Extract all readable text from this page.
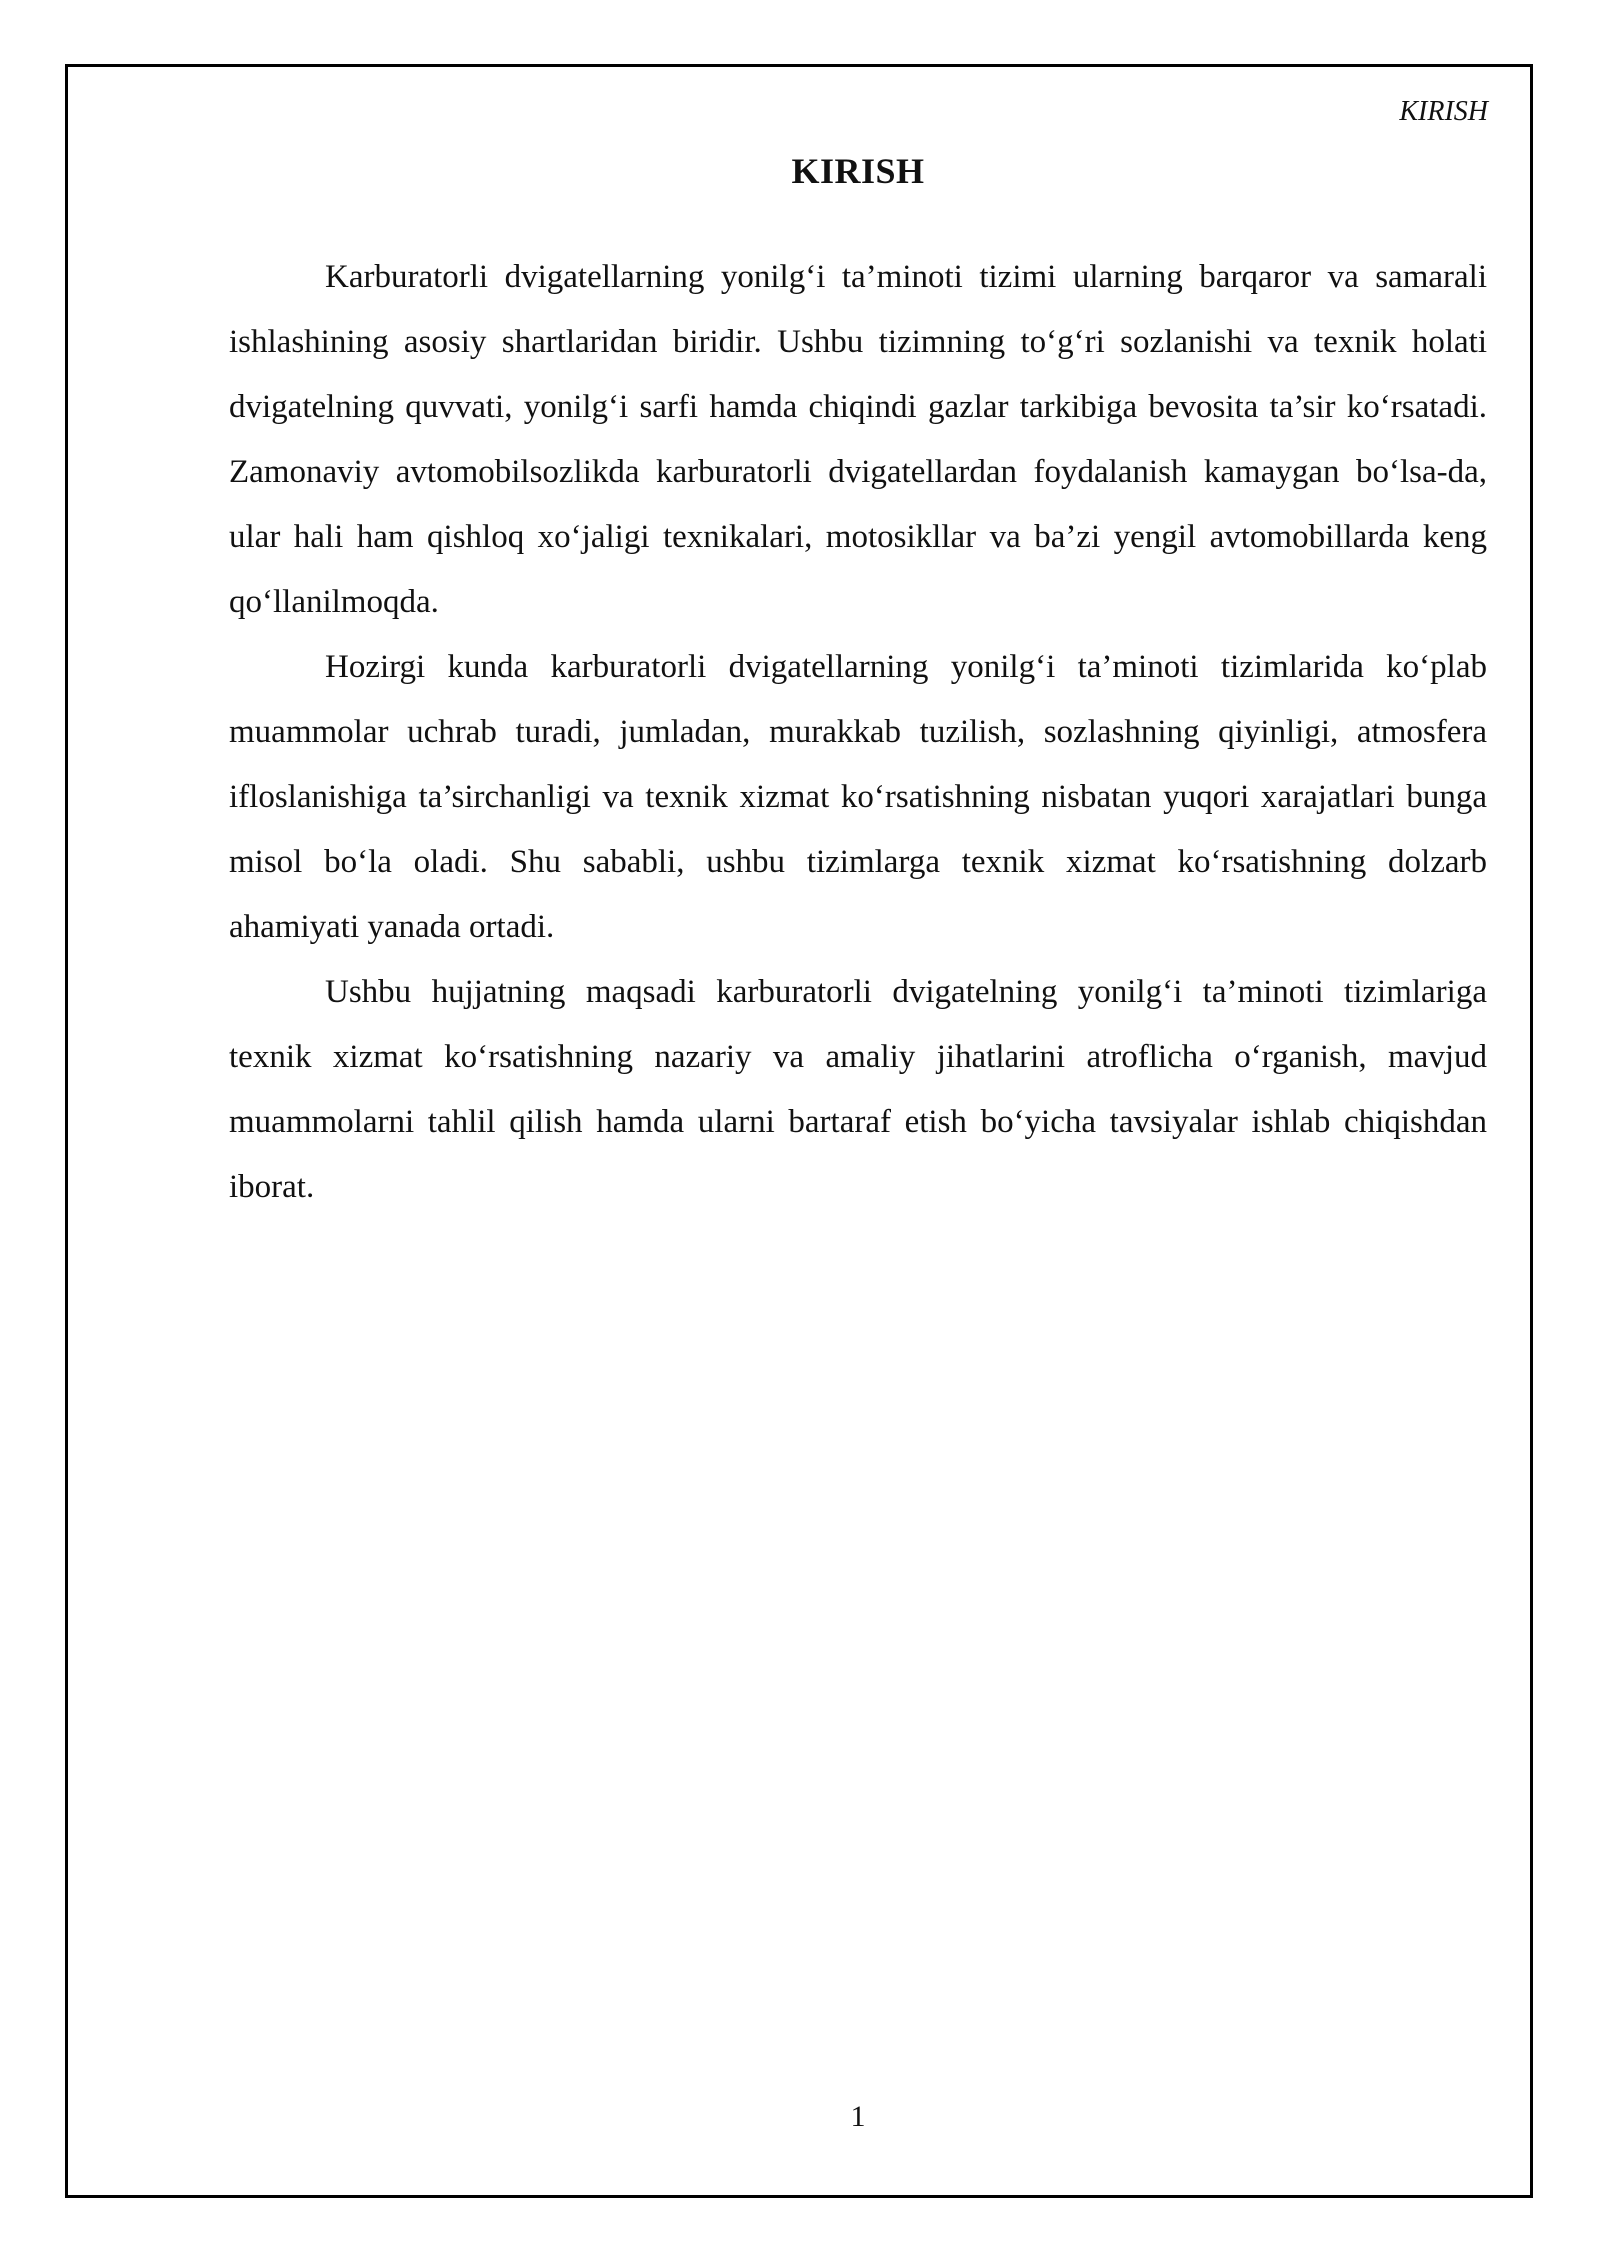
KIRISH
KIRISH

Karburatorli dvigatellarning yonilg‘i ta’minoti tizimi ularning barqaror va samarali ishlashining asosiy shartlaridan biridir. Ushbu tizimning to‘g‘ri sozlanishi va texnik holati dvigatelning quvvati, yonilg‘i sarfi hamda chiqindi gazlar tarkibiga bevosita ta’sir ko‘rsatadi. Zamonaviy avtomobilsozlikda karburatorli dvigatellardan foydalanish kamaygan bo‘lsa-da, ular hali ham qishloq xo‘jaligi texnikalari, motosikllar va ba’zi yengil avtomobillarda keng qo‘llanilmoqda.

Hozirgi kunda karburatorli dvigatellarning yonilg‘i ta’minoti tizimlarida ko‘plab muammolar uchrab turadi, jumladan, murakkab tuzilish, sozlashning qiyinligi, atmosfera ifloslanishiga ta’sirchanligi va texnik xizmat ko‘rsatishning nisbatan yuqori xarajatlari bunga misol bo‘la oladi. Shu sababli, ushbu tizimlarga texnik xizmat ko‘rsatishning dolzarb ahamiyati yanada ortadi.

Ushbu hujjatning maqsadi karburatorli dvigatelning yonilg‘i ta’minoti tizimlariga texnik xizmat ko‘rsatishning nazariy va amaliy jihatlarini atroflicha o‘rganish, mavjud muammolarni tahlil qilish hamda ularni bartaraf etish bo‘yicha tavsiyalar ishlab chiqishdan iborat.

1
